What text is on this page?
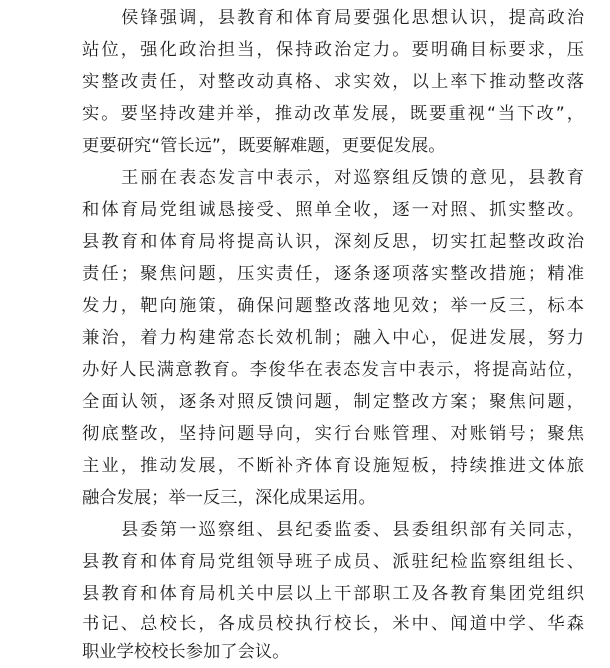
侯锋强调，县教育和体育局要强化思想认识，提高政治
站位，强化政治担当，保持政治定力。要明确目标要求，压
实整改责任，对整改动真格、求实效，以上率下推动整改落
实。要坚持改建并举，推动改革发展，既要重视“当下改”，
更要研究“管长远”，既要解难题，更要促发展。
王丽在表态发言中表示，对巡察组反馈的意见，县教育
和体育局党组诚恳接受、照单全收，逐一对照、抓实整改。
县教育和体育局将提高认识，深刻反思，切实扛起整改政治
责任；聚焦问题，压实责任，逐条逐项落实整改措施；精准
发力，靶向施策，确保问题整改落地见效；举一反三，标本
兼治，着力构建常态长效机制；融入中心，促进发展，努力
办好人民满意教育。李俊华在表态发言中表示，将提高站位，
全面认领，逐条对照反馈问题，制定整改方案；聚焦问题，
彻底整改，坚持问题导向，实行台账管理、对账销号；聚焦
主业，推动发展，不断补齐体育设施短板，持续推进文体旅
融合发展；举一反三，深化成果运用。
县委第一巡察组、县纪委监委、县委组织部有关同志，
县教育和体育局党组领导班子成员、派驻纪检监察组组长、
县教育和体育局机关中层以上干部职工及各教育集团党组织
书记、总校长，各成员校执行校长，米中、闻道中学、华森
职业学校校长参加了会议。
